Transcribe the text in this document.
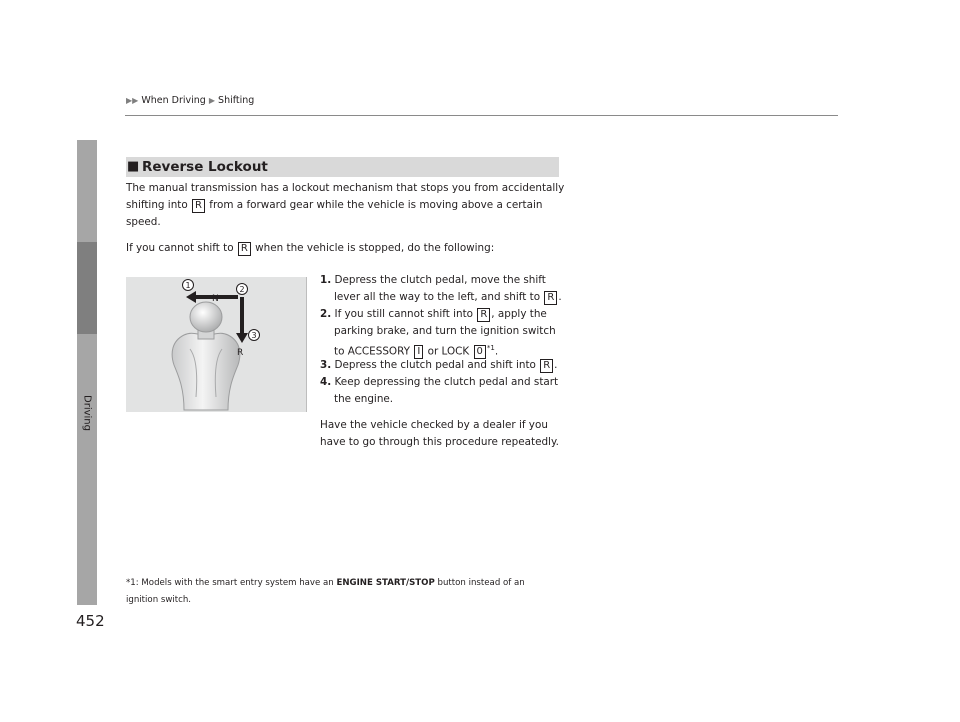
▶▶ When Driving ▶ Shifting
Driving
452
■ Reverse Lockout
The manual transmission has a lockout mechanism that stops you from accidentally
shifting into R from a forward gear while the vehicle is moving above a certain
speed.
If you cannot shift to R when the vehicle is stopped, do the following:
1	2
3
N
R
1. Depress the clutch pedal, move the shift
lever all the way to the left, and shift to R .
2. If you still cannot shift into R , apply the
parking brake, and turn the ignition switch
to ACCESSORY I or LOCK 0 $^{*1}$.
3. Depress the clutch pedal and shift into R .
4. Keep depressing the clutch pedal and start
the engine.
Have the vehicle checked by a dealer if you
have to go through this procedure repeatedly.
*1: Models with the smart entry system have an ENGINE START/STOP button instead of an
ignition switch.
